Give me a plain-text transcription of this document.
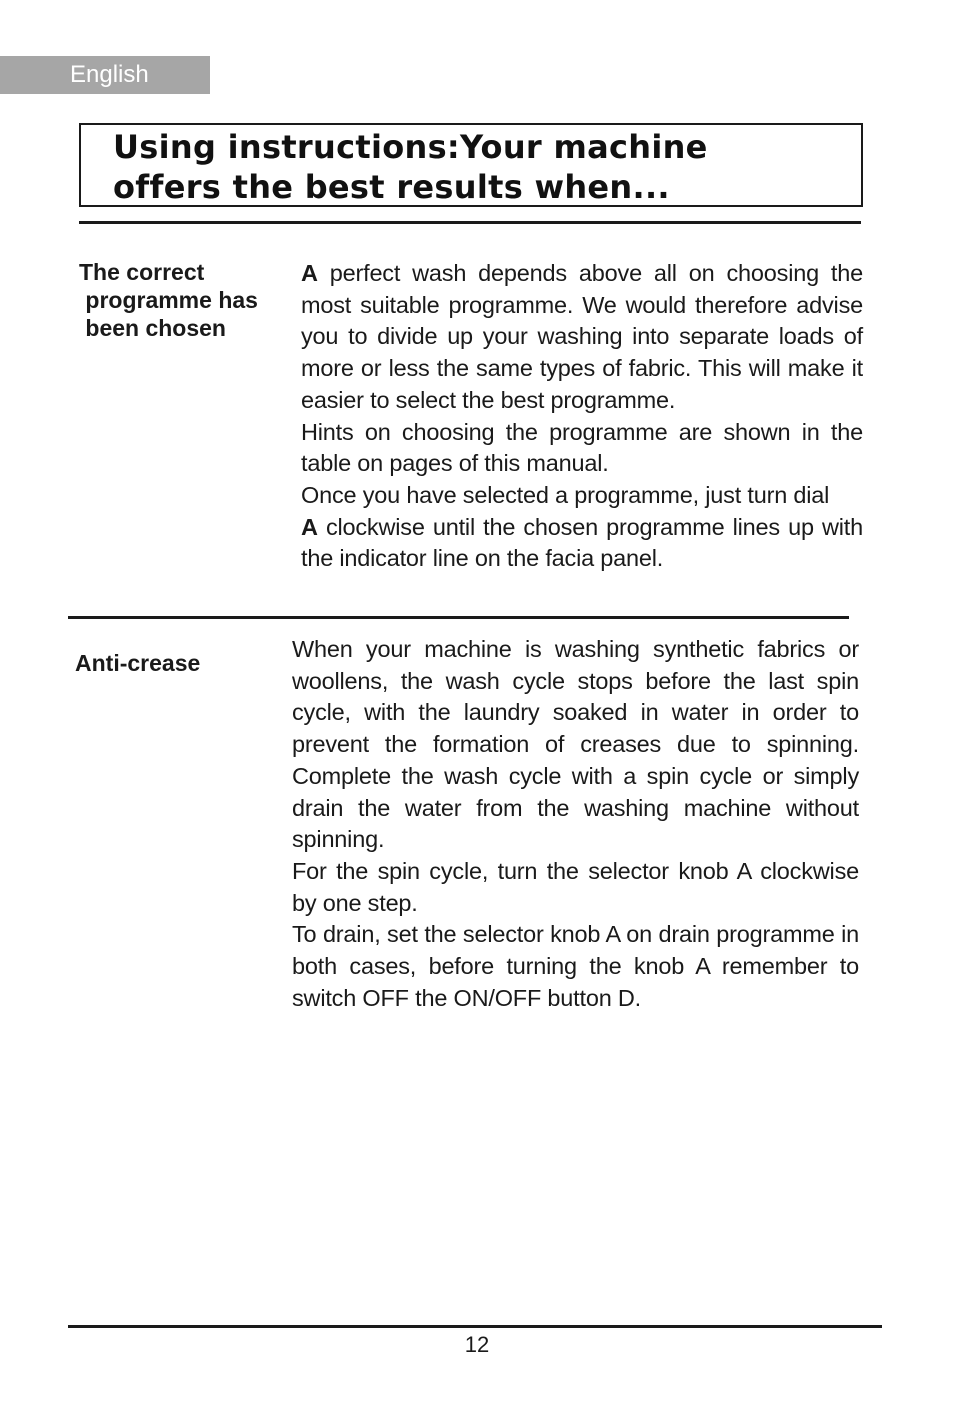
English
Using instructions:Your machine
offers the best results when...
The correct
programme has
been chosen

A perfect wash depends above all on choosing the most suitable programme. We would therefore advise you to divide up your washing into separate loads of more or less the same types of fabric. This will make it easier to select the best programme.

Hints on choosing the programme are shown in the table on pages of this manual.

Once you have selected a programme, just turn dial

A clockwise until the chosen programme lines up with the indicator line on the facia panel.

Anti-crease

When your machine is washing synthetic fabrics or woollens, the wash cycle stops before the last spin cycle, with the laundry soaked in water in order to prevent the formation of creases due to spinning. Complete the wash cycle with a spin cycle or simply drain the water from the washing machine without spinning.

For the spin cycle, turn the selector knob A clockwise by one step.

To drain, set the selector knob A on drain programme in both cases, before turning the knob A remember to switch OFF the ON/OFF button D.

12
